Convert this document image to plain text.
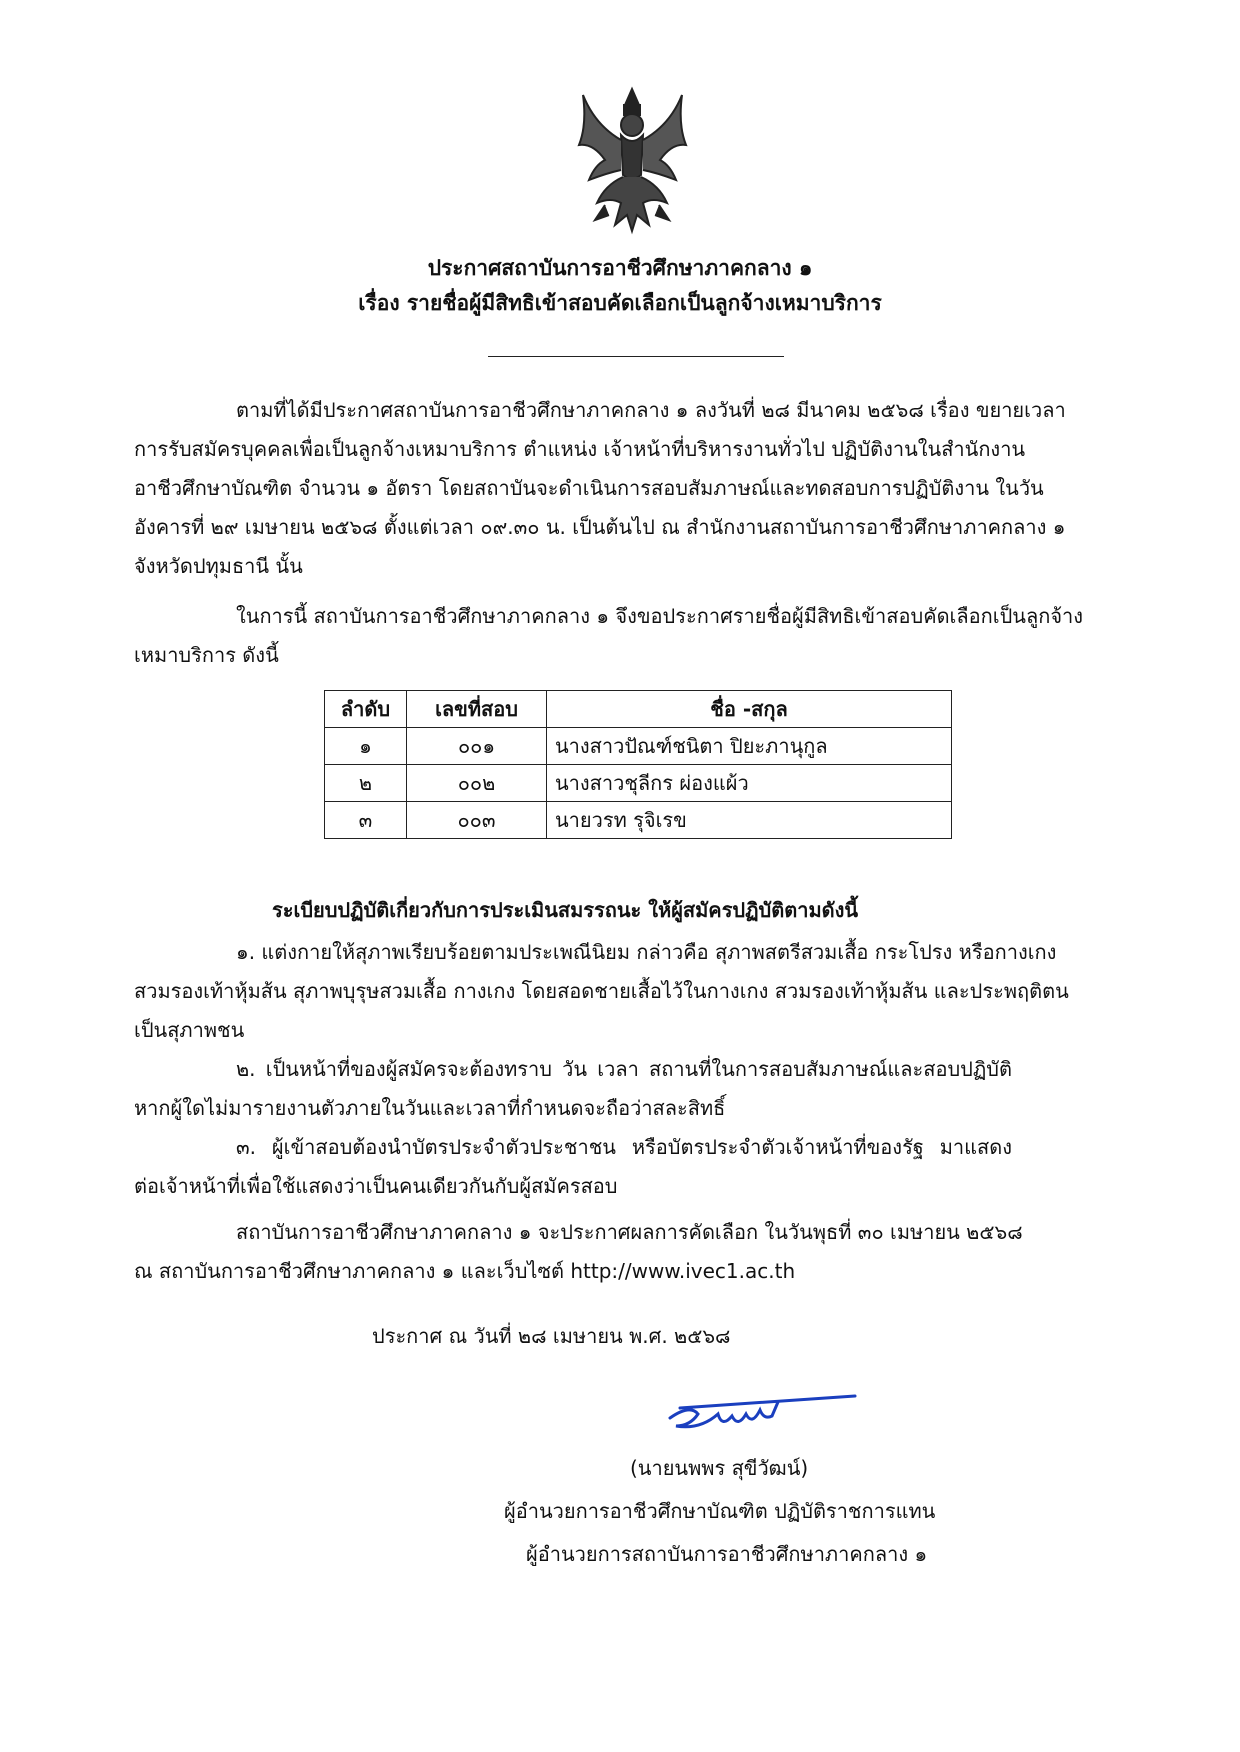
ประกาศสถาบันการอาชีวศึกษาภาคกลาง ๑
เรื่อง รายชื่อผู้มีสิทธิเข้าสอบคัดเลือกเป็นลูกจ้างเหมาบริการ
ตามที่ได้มีประกาศสถาบันการอาชีวศึกษาภาคกลาง ๑ ลงวันที่ ๒๘ มีนาคม ๒๕๖๘ เรื่อง ขยายเวลา
การรับสมัครบุคคลเพื่อเป็นลูกจ้างเหมาบริการ ตำแหน่ง เจ้าหน้าที่บริหารงานทั่วไป ปฏิบัติงานในสำนักงาน
อาชีวศึกษาบัณฑิต จำนวน ๑ อัตรา โดยสถาบันจะดำเนินการสอบสัมภาษณ์และทดสอบการปฏิบัติงาน ในวัน
อังคารที่ ๒๙ เมษายน ๒๕๖๘ ตั้งแต่เวลา ๐๙.๓๐ น. เป็นต้นไป ณ สำนักงานสถาบันการอาชีวศึกษาภาคกลาง ๑
จังหวัดปทุมธานี นั้น
ในการนี้ สถาบันการอาชีวศึกษาภาคกลาง ๑ จึงขอประกาศรายชื่อผู้มีสิทธิเข้าสอบคัดเลือกเป็นลูกจ้าง
เหมาบริการ ดังนี้
ลำดับ	เลขที่สอบ	ชื่อ -สกุล
๑	๐๐๑	นางสาวปัณฑ์ชนิตา ปิยะภานุกูล
๒	๐๐๒	นางสาวชุลีกร ผ่องแผ้ว
๓	๐๐๓	นายวรท รุจิเรข
ระเบียบปฏิบัติเกี่ยวกับการประเมินสมรรถนะ ให้ผู้สมัครปฏิบัติตามดังนี้
๑. แต่งกายให้สุภาพเรียบร้อยตามประเพณีนิยม กล่าวคือ สุภาพสตรีสวมเสื้อ กระโปรง หรือกางเกง
สวมรองเท้าหุ้มส้น สุภาพบุรุษสวมเสื้อ กางเกง โดยสอดชายเสื้อไว้ในกางเกง สวมรองเท้าหุ้มส้น และประพฤติตน
เป็นสุภาพชน
๒. เป็นหน้าที่ของผู้สมัครจะต้องทราบ วัน เวลา สถานที่ในการสอบสัมภาษณ์และสอบปฏิบัติ
หากผู้ใดไม่มารายงานตัวภายในวันและเวลาที่กำหนดจะถือว่าสละสิทธิ์
๓. ผู้เข้าสอบต้องนำบัตรประจำตัวประชาชน หรือบัตรประจำตัวเจ้าหน้าที่ของรัฐ มาแสดง
ต่อเจ้าหน้าที่เพื่อใช้แสดงว่าเป็นคนเดียวกันกับผู้สมัครสอบ
สถาบันการอาชีวศึกษาภาคกลาง ๑ จะประกาศผลการคัดเลือก ในวันพุธที่ ๓๐ เมษายน ๒๕๖๘
ณ สถาบันการอาชีวศึกษาภาคกลาง ๑ และเว็บไซต์ http://www.ivec1.ac.th
ประกาศ ณ วันที่ ๒๘ เมษายน พ.ศ. ๒๕๖๘
(นายนพพร สุขีวัฒน์)
ผู้อำนวยการอาชีวศึกษาบัณฑิต ปฏิบัติราชการแทน
ผู้อำนวยการสถาบันการอาชีวศึกษาภาคกลาง ๑
